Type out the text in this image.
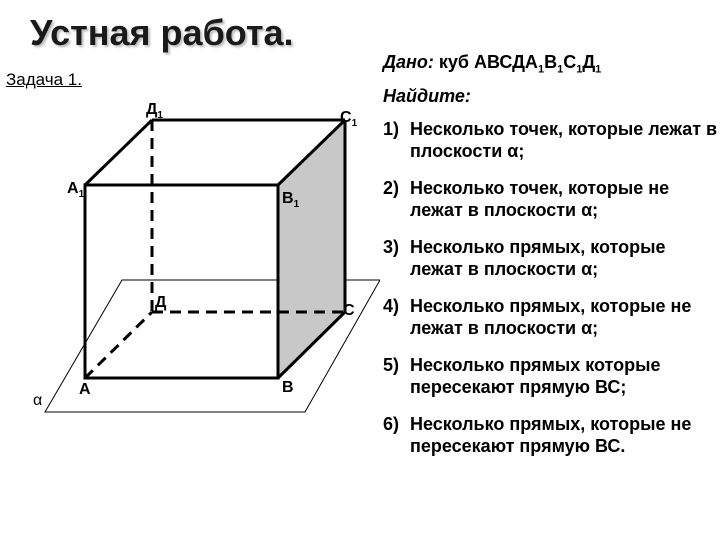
Устная работа.
Задача 1.
Дано: куб $АВСДА_1В_1С_1Д_1$
Найдите:
1) Несколько точек, которые лежат в плоскости α;
2) Несколько точек, которые не лежат в плоскости α;
3) Несколько прямых, которые лежат в плоскости α;
4) Несколько прямых, которые не лежат в плоскости α;
5) Несколько прямых которые пересекают прямую ВС;
6) Несколько прямых, которые не пересекают прямую ВС.
$Д_1$	$С_1$
$А_1$	$В_1$
Д	С
А	В
α
